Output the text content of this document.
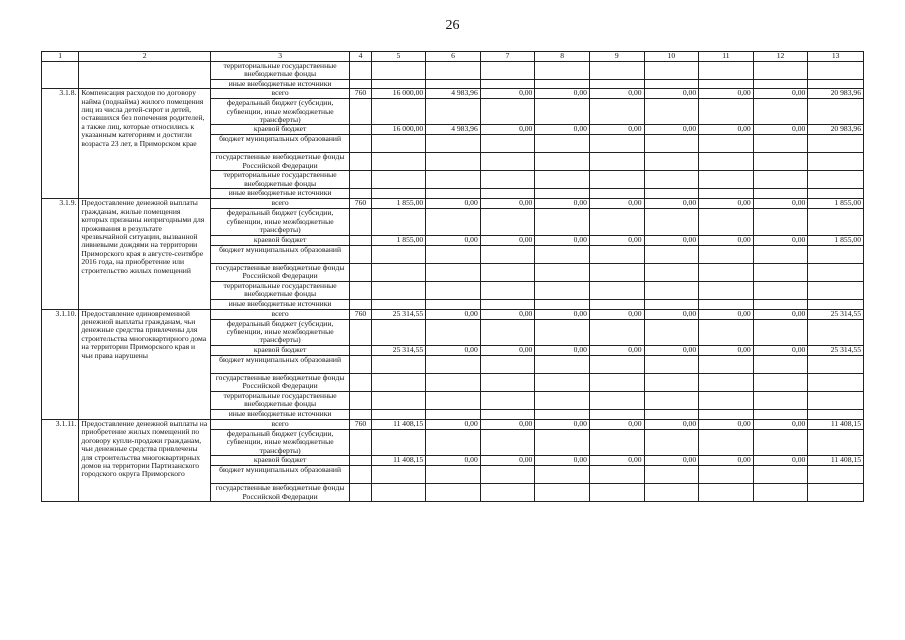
26
1	2	3	4	5	6	7	8	9	10	11	12	13
		территориальные государственные внебюджетные фонды										
		иные внебюджетные источники										
3.1.8.	Компенсация расходов по договору найма (поднайма) жилого помещения лиц из числа детей-сирот и детей, оставшихся без попечения родителей, а также лиц, которые относились к указанным категориям и достигли возраста 23 лет, в Приморском крае	всего	760	16 000,00	4 983,96	0,00	0,00	0,00	0,00	0,00	0,00	20 983,96
		федеральный бюджет (субсидии, субвенции, иные межбюджетные трансферты)										
		краевой бюджет		16 000,00	4 983,96	0,00	0,00	0,00	0,00	0,00	0,00	20 983,96
		бюджет муниципальных образований										
		государственные внебюджетные фонды Российской Федерации										
		территориальные государственные внебюджетные фонды										
		иные внебюджетные источники										
3.1.9.	Предоставление денежной выплаты гражданам, жилые помещения которых признаны непригодными для проживания в результате чрезвычайной ситуации, вызванной ливневыми дождями на территории Приморского края в августе-сентябре 2016 года, на приобретение или строительство жилых помещений	всего	760	1 855,00	0,00	0,00	0,00	0,00	0,00	0,00	0,00	1 855,00
		федеральный бюджет (субсидии, субвенции, иные межбюджетные трансферты)										
		краевой бюджет		1 855,00	0,00	0,00	0,00	0,00	0,00	0,00	0,00	1 855,00
		бюджет муниципальных образований										
		государственные внебюджетные фонды Российской Федерации										
		территориальные государственные внебюджетные фонды										
		иные внебюджетные источники										
3.1.10.	Предоставление единовременной денежной выплаты гражданам, чьи денежные средства привлечены для строительства многоквартирного дома на территории Приморского края и чьи права нарушены	всего	760	25 314,55	0,00	0,00	0,00	0,00	0,00	0,00	0,00	25 314,55
		федеральный бюджет (субсидии, субвенции, иные межбюджетные трансферты)										
		краевой бюджет		25 314,55	0,00	0,00	0,00	0,00	0,00	0,00	0,00	25 314,55
		бюджет муниципальных образований										
		государственные внебюджетные фонды Российской Федерации										
		территориальные государственные внебюджетные фонды										
		иные внебюджетные источники										
3.1.11.	Предоставление денежной выплаты на приобретение жилых помещений по договору купли-продажи гражданам, чьи денежные средства привлечены для строительства многоквартирных домов на территории Партизанского городского округа Приморского	всего	760	11 408,15	0,00	0,00	0,00	0,00	0,00	0,00	0,00	11 408,15
		федеральный бюджет (субсидии, субвенции, иные межбюджетные трансферты)										
		краевой бюджет		11 408,15	0,00	0,00	0,00	0,00	0,00	0,00	0,00	11 408,15
		бюджет муниципальных образований										
		государственные внебюджетные фонды Российской Федерации										
